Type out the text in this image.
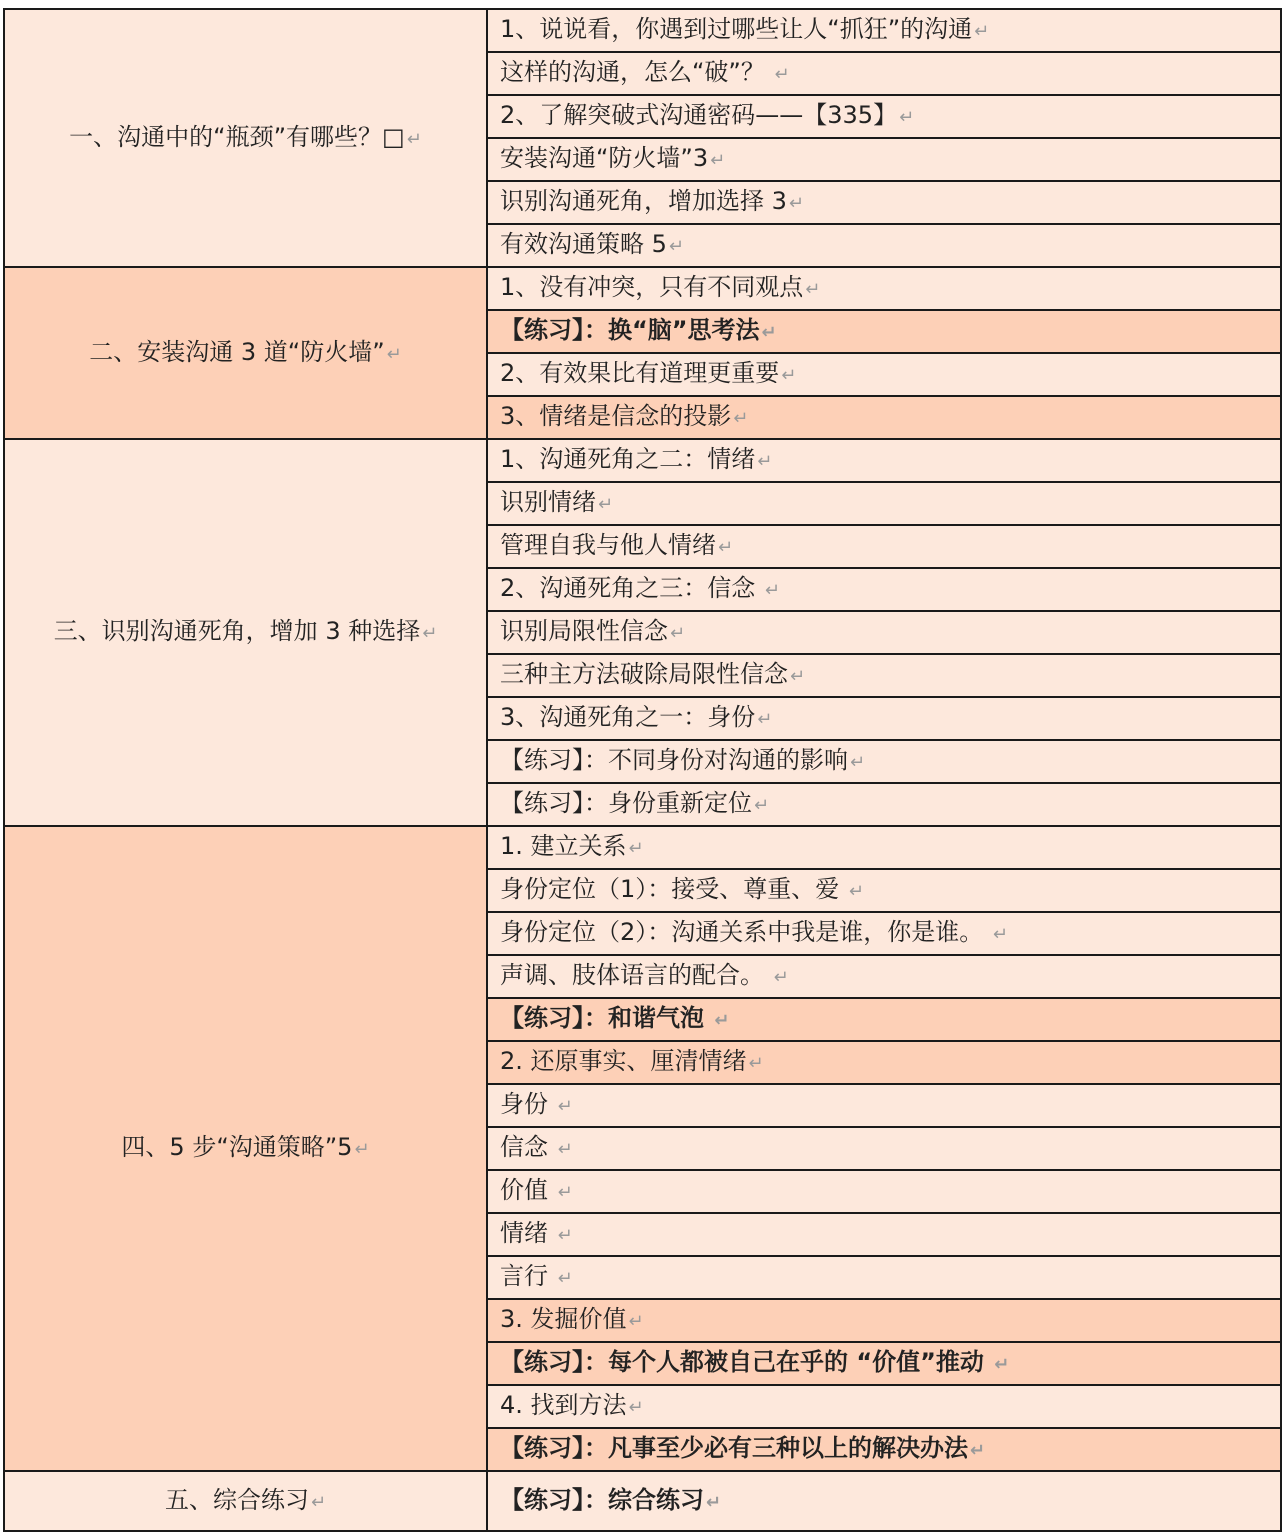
一、沟通中的“瓶颈”有哪些？□ ↵	1、说说看，你遇到过哪些让人“抓狂”的沟通 ↵
	这样的沟通，怎么“破”？ ↵
	2、了解突破式沟通密码——【335】 ↵
	安装沟通“防火墙”3 ↵
	识别沟通死角，增加选择 3 ↵
	有效沟通策略 5 ↵
二、安装沟通 3 道“防火墙” ↵	1、没有冲突，只有不同观点 ↵
	【练习】：换“脑”思考法 ↵
	2、有效果比有道理更重要 ↵
	3、情绪是信念的投影 ↵
三、识别沟通死角，增加 3 种选择 ↵	1、沟通死角之二：情绪 ↵
	识别情绪 ↵
	管理自我与他人情绪 ↵
	2、沟通死角之三：信念 ↵
	识别局限性信念 ↵
	三种主方法破除局限性信念 ↵
	3、沟通死角之一：身份 ↵
	【练习】：不同身份对沟通的影响 ↵
	【练习】：身份重新定位 ↵
四、5 步“沟通策略”5 ↵	1. 建立关系 ↵
	身份定位（1）：接受、尊重、爱 ↵
	身份定位（2）：沟通关系中我是谁，你是谁。 ↵
	声调、肢体语言的配合。 ↵
	【练习】：和谐气泡 ↵
	2. 还原事实、厘清情绪 ↵
	身份 ↵
	信念 ↵
	价值 ↵
	情绪 ↵
	言行 ↵
	3. 发掘价值 ↵
	【练习】：每个人都被自己在乎的 “价值”推动 ↵
	4. 找到方法 ↵
	【练习】：凡事至少必有三种以上的解决办法 ↵
五、综合练习 ↵	【练习】：综合练习 ↵
